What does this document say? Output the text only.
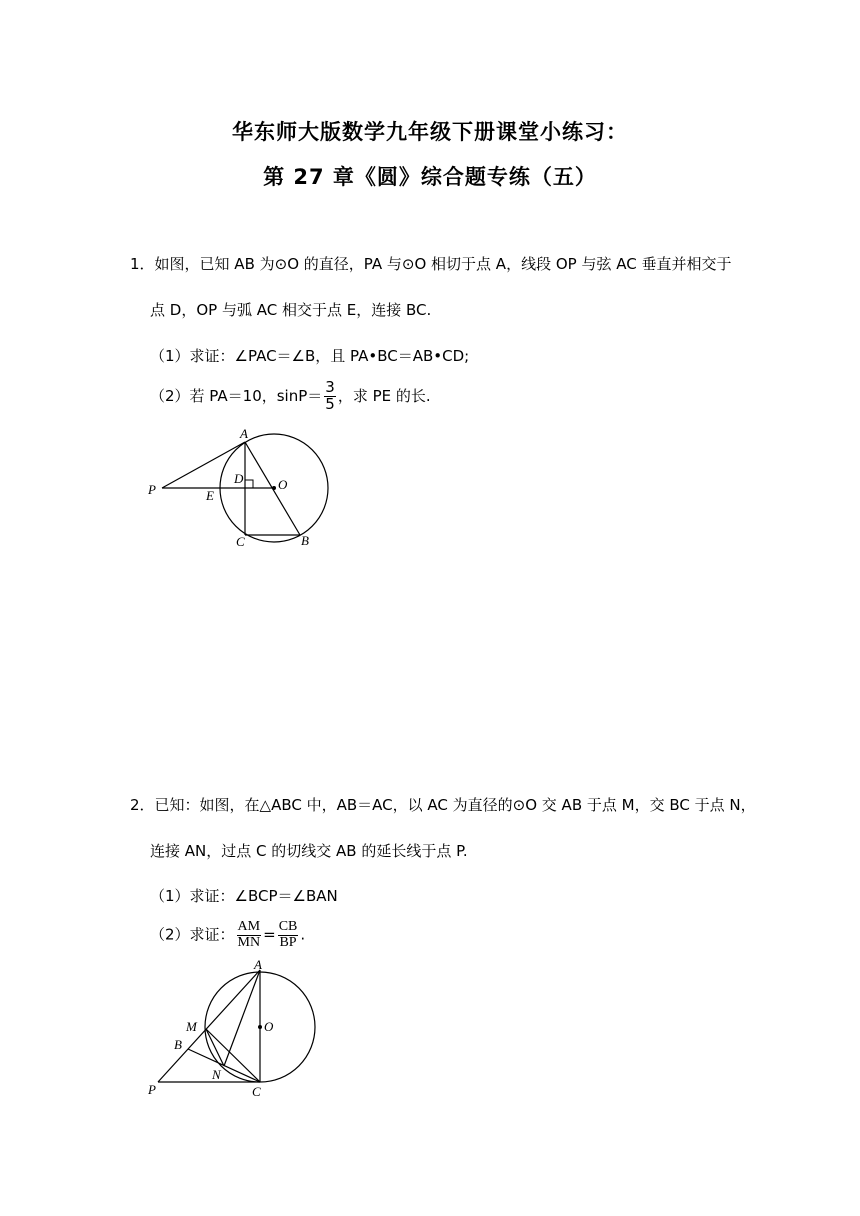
华东师大版数学九年级下册课堂小练习：
第 27 章《圆》综合题专练（五）
1．如图，已知 AB 为⊙O 的直径，PA 与⊙O 相切于点 A，线段 OP 与弦 AC 垂直并相交于
点 D，OP 与弧 AC 相交于点 E，连接 BC.
（1）求证：∠PAC＝∠B，且 PA•BC＝AB•CD;
（2）若 PA＝10，$\sin P= \frac{3}{5}$ ，求 PE 的长.
A
D	O
P	E
C	B
2．已知：如图，在△ABC 中，AB＝AC，以 AC 为直径的⊙O 交 AB 于点 M，交 BC 于点 N，
连接 AN，过点 C 的切线交 AB 的延长线于点 P.
（1）求证：∠BCP＝∠BAN
（2）求证： $\frac{AM}{MN} = \frac{CB}{BP}$ .
A
M	O
B
N
P	C
